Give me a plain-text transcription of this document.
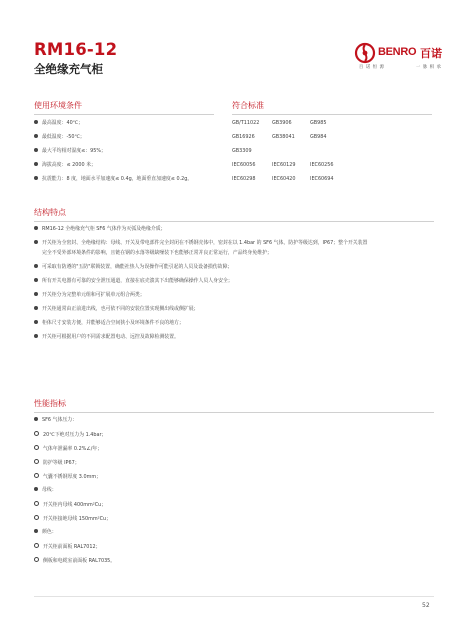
RM16-12
全绝缘充气柜
BENRO 百诺
百 诺 恒 源	一 脉 相 承
使用环境条件
最高温度：40℃；
最低温度：-50℃；
最大平均相对湿度≤：95%；
海拔高度：≤ 2000 米；
抗震能力：8 度，地面水平加速度≤ 0.4g，地面垂直加速度≤ 0.2g。
符合标准
GB/T11022	GB3906	GB985
GB16926	GB38041	GB984
GB3309
IEC60056	IEC60129	IEC60256
IEC60298	IEC60420	IEC60694
结构特点
RM16-12 全绝缘充气柜 SF6 气体作为灭弧及绝缘介质；
开关柜为全密封、全绝缘结构：母线、开关及带电部件完全封闭在不锈钢壳体中，密封在以 1.4bar 的 SF6 气体，防护等级达到，IP67；整个开关装置
完全不受外部环境条件的影响，且链在钢的水落等级缺噪装下也能够正常并良正常运行，产品终身免维护；
可采取有防遵的"五防"联锁装置，确能社热人为误操作可能引起的人员及设备损伤故障；
所有开关电器有可靠的安全泄压通道，直接在底壳溃其下出能够确保操作人员人身安全；
开关柜分为完整单元组和可扩展单元组合两类；
开关柜通常由正前进出线，也可依不同的安装位置实现侧出线或侧扩展；
柜体尺寸安装方便，并能够适合空间狭小及环境条件不良的地方；
开关柜可根据用户的不同需求配置电动、远控及故障检测装置。
性能指标
SF6 气体压力：
20℃下绝对压力为 1.4bar；
气体年泄漏率 0.2%∠/年；
防护等级 IP67；
气囊不锈钢厚度 3.0mm；
母线：
开关柜内母线 400mm²Cu；
开关柜接地母线 150mm²Cu；
颜色：
开关柜前面板 RAL7012；
侧板和电缆室前面板 RAL7035。
52
